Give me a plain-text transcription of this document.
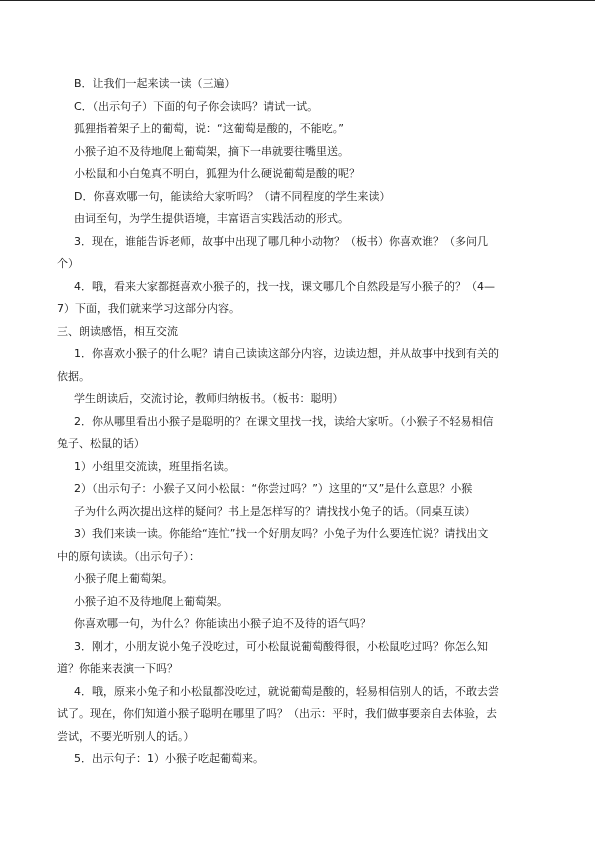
B．让我们一起来读一读（三遍）
C．（出示句子）下面的句子你会读吗？请试一试。
狐狸指着架子上的葡萄，说：“这葡萄是酸的，不能吃。”
小猴子迫不及待地爬上葡萄架，摘下一串就要往嘴里送。
小松鼠和小白兔真不明白，狐狸为什么硬说葡萄是酸的呢？
D．你喜欢哪一句，能读给大家听吗？（请不同程度的学生来读）
由词至句，为学生提供语境，丰富语言实践活动的形式。
3．现在，谁能告诉老师，故事中出现了哪几种小动物？（板书）你喜欢谁？（多问几
个）
4．哦，看来大家都挺喜欢小猴子的，找一找，课文哪几个自然段是写小猴子的？（4—
7）下面，我们就来学习这部分内容。
三、朗读感悟，相互交流
1．你喜欢小猴子的什么呢？请自己读读这部分内容，边读边想，并从故事中找到有关的
依据。
学生朗读后，交流讨论，教师归纳板书。（板书：聪明）
2．你从哪里看出小猴子是聪明的？在课文里找一找，读给大家听。（小猴子不轻易相信
兔子、松鼠的话）
1）小组里交流读，班里指名读。
2）（出示句子：小猴子又问小松鼠：“你尝过吗？”）这里的“又”是什么意思？小猴
子为什么两次提出这样的疑问？书上是怎样写的？请找找小兔子的话。（同桌互读）
3）我们来读一读。你能给“连忙”找一个好朋友吗？小兔子为什么要连忙说？请找出文
中的原句读读。（出示句子）：
小猴子爬上葡萄架。
小猴子迫不及待地爬上葡萄架。
你喜欢哪一句，为什么？你能读出小猴子迫不及待的语气吗？
3．刚才，小朋友说小兔子没吃过，可小松鼠说葡萄酸得很，小松鼠吃过吗？你怎么知
道？你能来表演一下吗？
4．哦，原来小兔子和小松鼠都没吃过，就说葡萄是酸的，轻易相信别人的话，不敢去尝
试了。现在，你们知道小猴子聪明在哪里了吗？（出示：平时，我们做事要亲自去体验，去
尝试，不要光听别人的话。）
5．出示句子：1）小猴子吃起葡萄来。
